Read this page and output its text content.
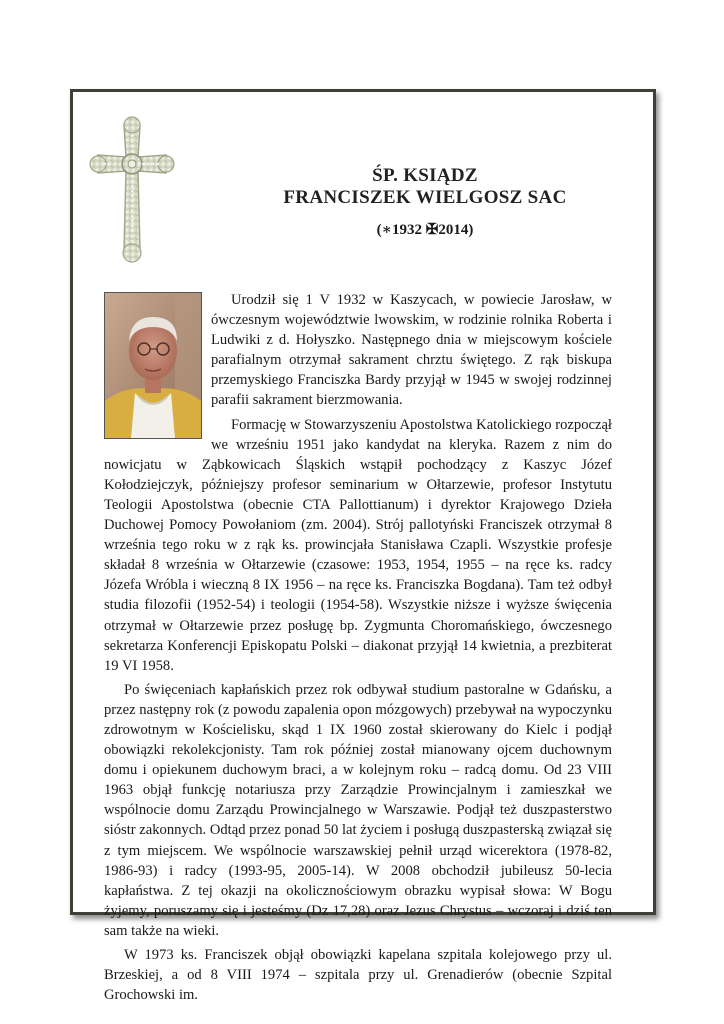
ŚP. KSIĄDZ
FRANCISZEK WIELGOSZ SAC
(∗1932 ✠2014)

Urodził się 1 V 1932 w Kaszycach, w powiecie Jarosław, w ówczesnym województwie lwowskim, w rodzinie rolnika Roberta i Ludwiki z d. Hołyszko. Następnego dnia w miejscowym kościele parafialnym otrzymał sakrament chrztu świętego. Z rąk biskupa przemyskiego Franciszka Bardy przyjął w 1945 w swojej rodzinnej parafii sakrament bierzmowania.

Formację w Stowarzyszeniu Apostolstwa Katolickiego rozpoczął we wrześniu 1951 jako kandydat na kleryka. Razem z nim do nowicjatu w Ząbkowicach Śląskich wstąpił pochodzący z Kaszyc Józef Kołodziejczyk, późniejszy profesor seminarium w Ołtarzewie, profesor Instytutu Teologii Apostolstwa (obecnie CTA Pallottianum) i dyrektor Krajowego Dzieła Duchowej Pomocy Powołaniom (zm. 2004). Strój pallotyński Franciszek otrzymał 8 września tego roku w z rąk ks. prowincjała Stanisława Czapli. Wszystkie profesje składał 8 września w Ołtarzewie (czasowe: 1953, 1954, 1955 – na ręce ks. radcy Józefa Wróbla i wieczną 8 IX 1956 – na ręce ks. Franciszka Bogdana). Tam też odbył studia filozofii (1952-54) i teologii (1954-58). Wszystkie niższe i wyższe święcenia otrzymał w Ołtarzewie przez posługę bp. Zygmunta Choromańskiego, ówczesnego sekretarza Konferencji Episkopatu Polski – diakonat przyjął 14 kwietnia, a prezbiterat 19 VI 1958.

Po święceniach kapłańskich przez rok odbywał studium pastoralne w Gdańsku, a przez następny rok (z powodu zapalenia opon mózgowych) przebywał na wypoczynku zdrowotnym w Kościelisku, skąd 1 IX 1960 został skierowany do Kielc i podjął obowiązki rekolekcjonisty. Tam rok później został mianowany ojcem duchownym domu i opiekunem duchowym braci, a w kolejnym roku – radcą domu. Od 23 VIII 1963 objął funkcję notariusza przy Zarządzie Prowincjalnym i zamieszkał we wspólnocie domu Zarządu Prowincjalnego w Warszawie. Podjął też duszpasterstwo sióstr zakonnych. Odtąd przez ponad 50 lat życiem i posługą duszpasterską związał się z tym miejscem. We wspólnocie warszawskiej pełnił urząd wicerektora (1978-82, 1986-93) i radcy (1993-95, 2005-14). W 2008 obchodził jubileusz 50-lecia kapłaństwa. Z tej okazji na okolicznościowym obrazku wypisał słowa: W Bogu żyjemy, poruszamy się i jesteśmy (Dz 17,28) oraz Jezus Chrystus – wczoraj i dziś ten sam także na wieki.

W 1973 ks. Franciszek objął obowiązki kapelana szpitala kolejowego przy ul. Brzeskiej, a od 8 VIII 1974 – szpitala przy ul. Grenadierów (obecnie Szpital Grochowski im.
